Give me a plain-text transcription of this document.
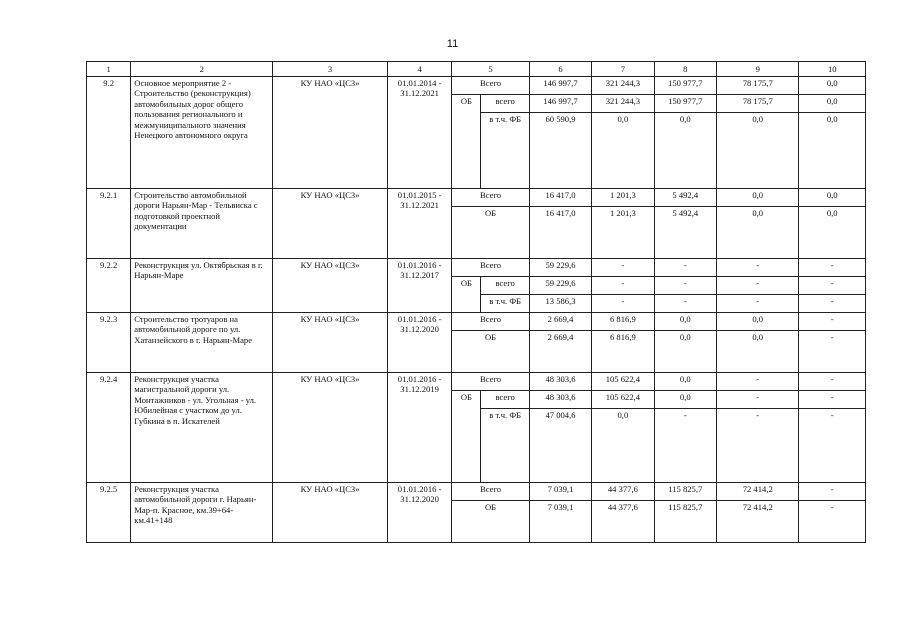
11
1	2	3	4	5		6	7	8	9	10
9.2	Основное мероприятие 2 - Строительство (реконструкция) автомобильных дорог общего пользования регионального и межмуниципального значения Ненецкого автономного округа	КУ НАО «ЦСЗ»	01.01.2014 - 31.12.2021	Всего		146 997,7	321 244,3	150 977,7	78 175,7	0,0
				ОБ	всего	146 997,7	321 244,3	150 977,7	78 175,7	0,0
					в т.ч. ФБ	60 590,9	0,0	0,0	0,0	0,0
9.2.1	Строительство автомобильной дороги Нарьян-Мар - Тельвиска с подготовкой проектной документации	КУ НАО «ЦСЗ»	01.01.2015 - 31.12.2021	Всего		16 417,0	1 201,3	5 492,4	0,0	0,0
				ОБ		16 417,0	1 201,3	5 492,4	0,0	0,0
9.2.2	Реконструкция ул. Октябрьская в г. Нарьян-Маре	КУ НАО «ЦСЗ»	01.01.2016 - 31.12.2017	Всего		59 229,6	-	-	-	-
				ОБ	всего	59 229,6	-	-	-	-
					в т.ч. ФБ	13 586,3	-	-	-	-
9.2.3	Строительство тротуаров на автомобильной дороге по ул. Хатанзейского в г. Нарьян-Маре	КУ НАО «ЦСЗ»	01.01.2016 - 31.12.2020	Всего		2 669,4	6 816,9	0,0	0,0	-
				ОБ		2 669,4	6 816,9	0,0	0,0	-
9.2.4	Реконструкция участка магистральной дороги ул. Монтажников - ул. Угольная - ул. Юбилейная с участком до ул. Губкина в п. Искателей	КУ НАО «ЦСЗ»	01.01.2016 - 31.12.2019	Всего		48 303,6	105 622,4	0,0	-	-
				ОБ	всего	48 303,6	105 622,4	0,0	-	-
					в т.ч. ФБ	47 004,6	0,0	-	-	-
9.2.5	Реконструкция участка автомобильной дороги г. Нарьян-Мар-п. Красное, км.39+64-км.41+148	КУ НАО «ЦСЗ»	01.01.2016 - 31.12.2020	Всего		7 039,1	44 377,6	115 825,7	72 414,2	-
				ОБ		7 039,1	44 377,6	115 825,7	72 414,2	-
